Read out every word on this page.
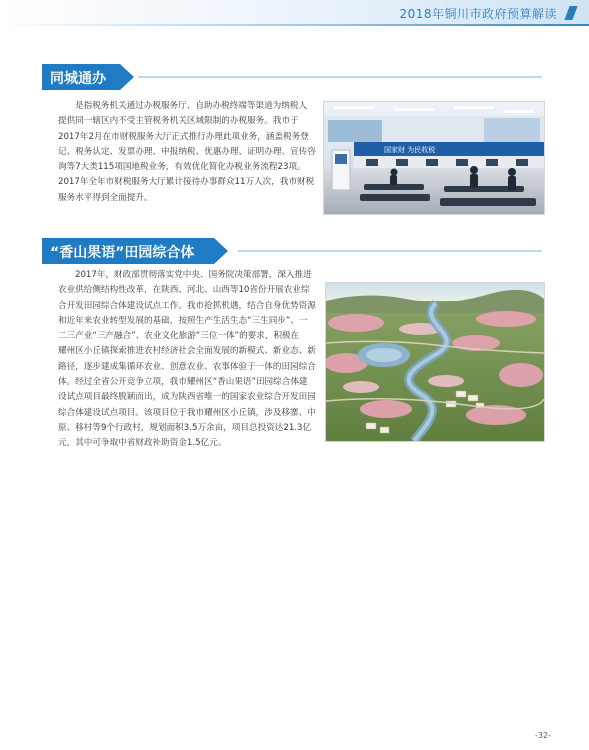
2018年铜川市政府预算解读
同城通办
是指税务机关通过办税服务厅、自助办税终端等渠道为纳税人
提供同一辖区内不受主管税务机关区域限制的办税服务。我市于
2017年2月在市财税服务大厅正式推行办理此项业务，涵盖税务登
记、税务认定、发票办理、申报纳税、优惠办理、证明办理、宣传咨
询等7大类115项国地税业务，有效优化简化办税业务流程23项。
2017年全年市财税服务大厅累计接待办事群众11万人次，我市财税
服务水平得到全面提升。
国家财 为民收税
“香山果语”田园综合体
2017年，财政部贯彻落实党中央、国务院决策部署，深入推进
农业供给侧结构性改革，在陕西、河北、山西等10省份开展农业综
合开发田园综合体建设试点工作。我市抢抓机遇，结合自身优势资源
和近年来农业转型发展的基础，按照生产生活生态“三生同步”、一
二三产业“三产融合”、农业文化旅游“三位一体”的要求，积极在
耀州区小丘镇探索推进农村经济社会全面发展的新模式、新业态、新
路径，逐步建成集循环农业、创意农业、农事体验于一体的田园综合
体。经过全省公开竞争立项，我市耀州区“香山果语”田园综合体建
设试点项目最终脱颖而出，成为陕西省唯一的国家农业综合开发田园
综合体建设试点项目。该项目位于我市耀州区小丘镇，涉及移寨、中
原、移村等9个行政村，规划面积3.5万余亩，项目总投资达21.3亿
元，其中可争取中省财政补助资金1.5亿元。
-32-
